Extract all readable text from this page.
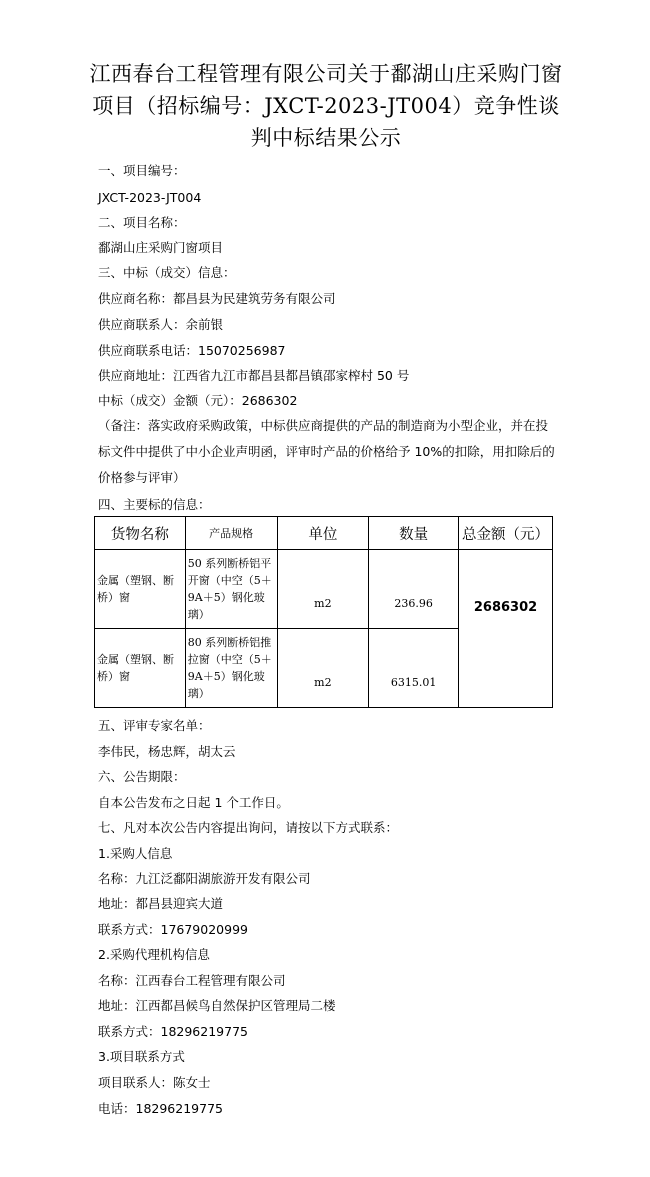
江西春台工程管理有限公司关于鄱湖山庄采购门窗项目（招标编号：JXCT-2023-JT004）竞争性谈判中标结果公示
一、项目编号：
JXCT-2023-JT004
二、项目名称：
鄱湖山庄采购门窗项目
三、中标（成交）信息：
供应商名称：都昌县为民建筑劳务有限公司
供应商联系人：余前银
供应商联系电话：15070256987
供应商地址：江西省九江市都昌县都昌镇邵家榨村 50 号
中标（成交）金额（元）：2686302
（备注：落实政府采购政策，中标供应商提供的产品的制造商为小型企业，并在投标文件中提供了中小企业声明函，评审时产品的价格给予 10%的扣除，用扣除后的价格参与评审）
四、主要标的信息：
货物名称	产品规格	单位	数量	总金额（元）
金属（塑钢、断桥）窗	50 系列断桥铝平开窗（中空（5＋9A＋5）钢化玻璃）	m2	236.96	2686302
金属（塑钢、断桥）窗	80 系列断桥铝推拉窗（中空（5＋9A＋5）钢化玻璃）	m2	6315.01	
五、评审专家名单：
李伟民，杨忠辉，胡太云
六、公告期限：
自本公告发布之日起 1 个工作日。
七、凡对本次公告内容提出询问，请按以下方式联系：
1.采购人信息
名称：九江泛鄱阳湖旅游开发有限公司
地址：都昌县迎宾大道
联系方式：17679020999
2.采购代理机构信息
名称：江西春台工程管理有限公司
地址：江西都昌候鸟自然保护区管理局二楼
联系方式：18296219775
3.项目联系方式
项目联系人：陈女士
电话：18296219775
